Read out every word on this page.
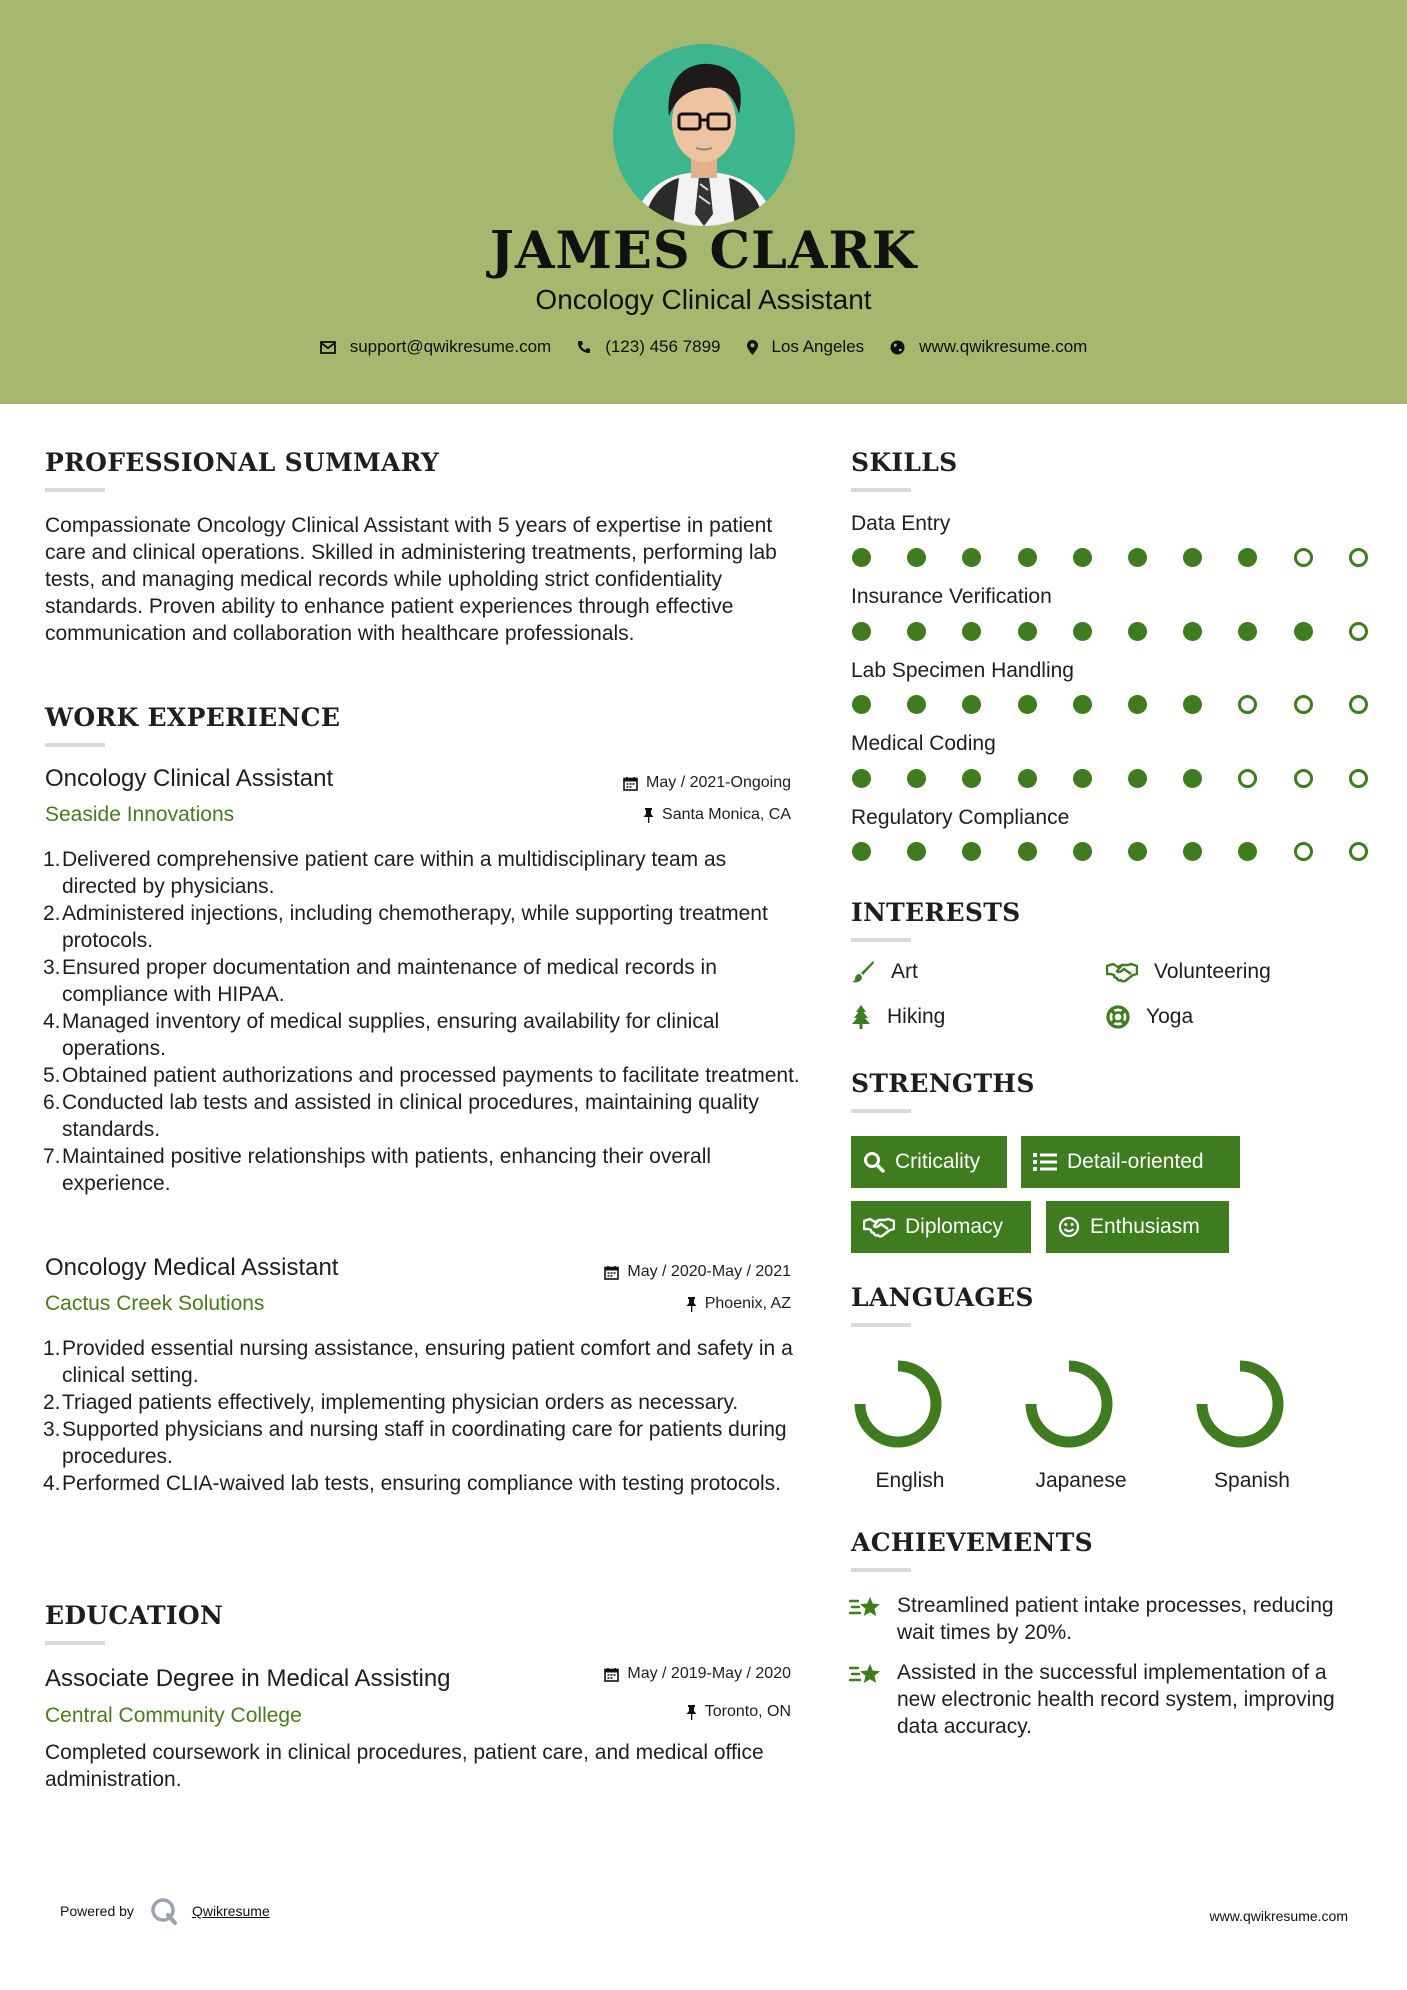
JAMES CLARK
Oncology Clinical Assistant
support@qwikresume.com	(123) 456 7899	Los Angeles	www.qwikresume.com
PROFESSIONAL SUMMARY
Compassionate Oncology Clinical Assistant with 5 years of expertise in patient care and clinical operations. Skilled in administering treatments, performing lab tests, and managing medical records while upholding strict confidentiality standards. Proven ability to enhance patient experiences through effective communication and collaboration with healthcare professionals.
WORK EXPERIENCE
Oncology Clinical Assistant
Seaside Innovations
May / 2021-Ongoing
Santa Monica, CA
1. Delivered comprehensive patient care within a multidisciplinary team as directed by physicians.
2. Administered injections, including chemotherapy, while supporting treatment protocols.
3. Ensured proper documentation and maintenance of medical records in compliance with HIPAA.
4. Managed inventory of medical supplies, ensuring availability for clinical operations.
5. Obtained patient authorizations and processed payments to facilitate treatment.
6. Conducted lab tests and assisted in clinical procedures, maintaining quality standards.
7. Maintained positive relationships with patients, enhancing their overall experience.
Oncology Medical Assistant
Cactus Creek Solutions
May / 2020-May / 2021
Phoenix, AZ
1. Provided essential nursing assistance, ensuring patient comfort and safety in a clinical setting.
2. Triaged patients effectively, implementing physician orders as necessary.
3. Supported physicians and nursing staff in coordinating care for patients during procedures.
4. Performed CLIA-waived lab tests, ensuring compliance with testing protocols.
EDUCATION
Associate Degree in Medical Assisting
Central Community College
May / 2019-May / 2020
Toronto, ON
Completed coursework in clinical procedures, patient care, and medical office administration.
SKILLS
Data Entry
Insurance Verification
Lab Specimen Handling
Medical Coding
Regulatory Compliance
INTERESTS
Art	Volunteering
Hiking	Yoga
STRENGTHS
Criticality	Detail-oriented
Diplomacy	Enthusiasm
LANGUAGES
English	Japanese	Spanish
ACHIEVEMENTS
Streamlined patient intake processes, reducing wait times by 20%.
Assisted in the successful implementation of a new electronic health record system, improving data accuracy.
Powered by	Qwikresume	www.qwikresume.com
